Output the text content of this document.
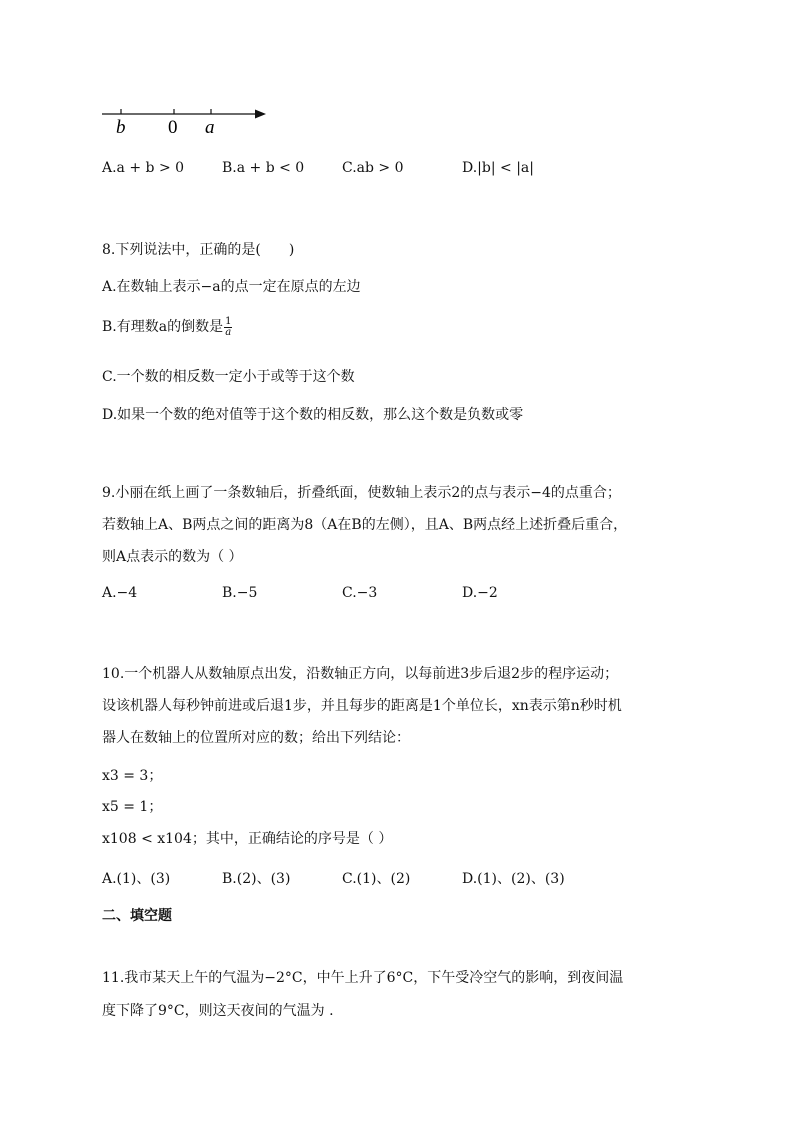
b 0 a
A.a + b > 0	B.a + b < 0	C.ab > 0	D.|b| < |a|
8.下列说法中，正确的是(　　)
A.在数轴上表示−a的点一定在原点的左边
B.有理数a的倒数是 $\frac{1}{a}$
C.一个数的相反数一定小于或等于这个数
D.如果一个数的绝对值等于这个数的相反数，那么这个数是负数或零
9.小丽在纸上画了一条数轴后，折叠纸面，使数轴上表示2的点与表示−4的点重合；
若数轴上A、B两点之间的距离为8（A在B的左侧），且A、B两点经上述折叠后重合，
则A点表示的数为（ ）
A.−4	B.−5	C.−3	D.−2
10.一个机器人从数轴原点出发，沿数轴正方向，以每前进3步后退2步的程序运动；
设该机器人每秒钟前进或后退1步，并且每步的距离是1个单位长，xn表示第n秒时机
器人在数轴上的位置所对应的数；给出下列结论：
x3 = 3；
x5 = 1；
x108 < x104；其中，正确结论的序号是（ ）
A.(1)、(3)	B.(2)、(3)	C.(1)、(2)	D.(1)、(2)、(3)
二、填空题
11.我市某天上午的气温为−2°C，中午上升了6°C，下午受冷空气的影响，到夜间温
度下降了9°C，则这天夜间的气温为 .
